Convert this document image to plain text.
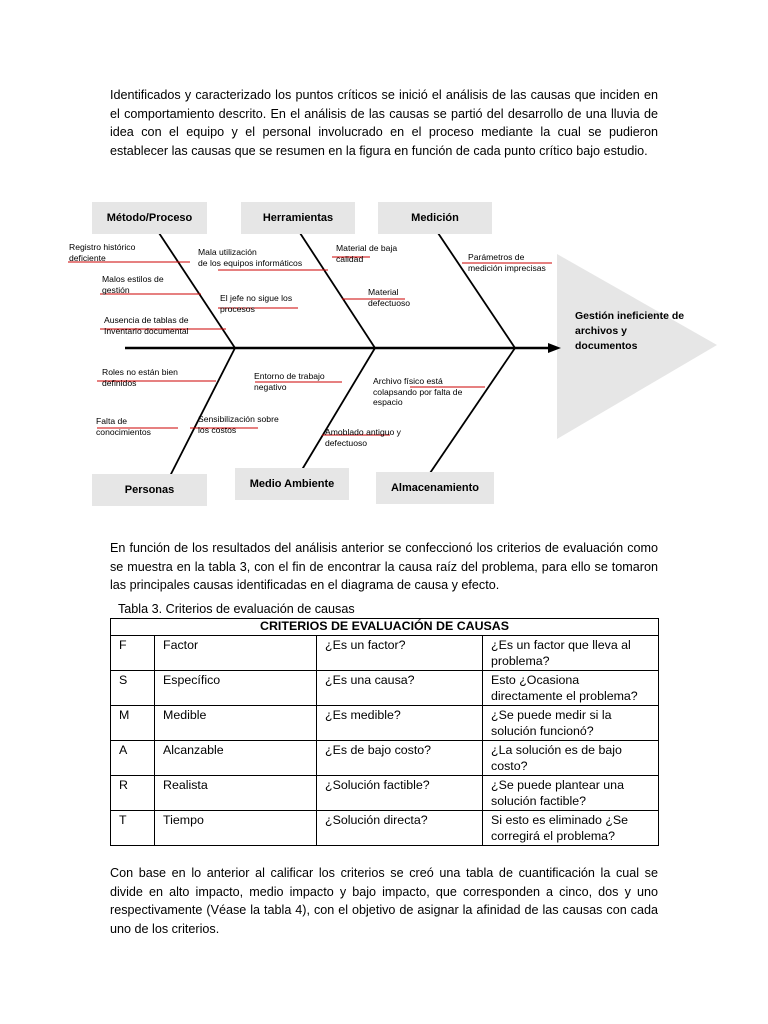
Identificados y caracterizado los puntos críticos se inició el análisis de las causas que inciden en el comportamiento descrito. En el análisis de las causas se partió del desarrollo de una lluvia de idea con el equipo y el personal involucrado en el proceso mediante la cual se pudieron establecer las causas que se resumen en la figura en función de cada punto crítico bajo estudio.

Método/Proceso	Herramientas	Medición
Personas	Medio Ambiente	Almacenamiento
Registro histórico
deficiente
Malos estilos de
gestión
Ausencia de tablas de
Inventario documental
Mala utilización
de los equipos informáticos
El jefe no sigue los
procesos
Material de baja
calidad
Material
defectuoso
Parámetros de
medición imprecisas
Roles no están bien
definidos
Falta de
conocimientos
Sensibilización sobre
los costos
Entorno de trabajo
negativo
Amoblado antiguo y
defectuoso
Archivo físico está
colapsando por falta de
espacio
Gestión ineficiente de archivos y documentos

En función de los resultados del análisis anterior se confeccionó los criterios de evaluación como se muestra en la tabla 3, con el fin de encontrar la causa raíz del problema, para ello se tomaron las principales causas identificadas en el diagrama de causa y efecto.

Tabla 3. Criterios de evaluación de causas

CRITERIOS DE EVALUACIÓN DE CAUSAS			
F	Factor	¿Es un factor?	¿Es un factor que lleva al problema?
S	Específico	¿Es una causa?	Esto ¿Ocasiona directamente el problema?
M	Medible	¿Es medible?	¿Se puede medir si la solución funcionó?
A	Alcanzable	¿Es de bajo costo?	¿La solución es de bajo costo?
R	Realista	¿Solución factible?	¿Se puede plantear una solución factible?
T	Tiempo	¿Solución directa?	Si esto es eliminado ¿Se corregirá el problema?

Con base en lo anterior al calificar los criterios se creó una tabla de cuantificación la cual se divide en alto impacto, medio impacto y bajo impacto, que corresponden a cinco, dos y uno respectivamente (Véase la tabla 4), con el objetivo de asignar la afinidad de las causas con cada uno de los criterios.
